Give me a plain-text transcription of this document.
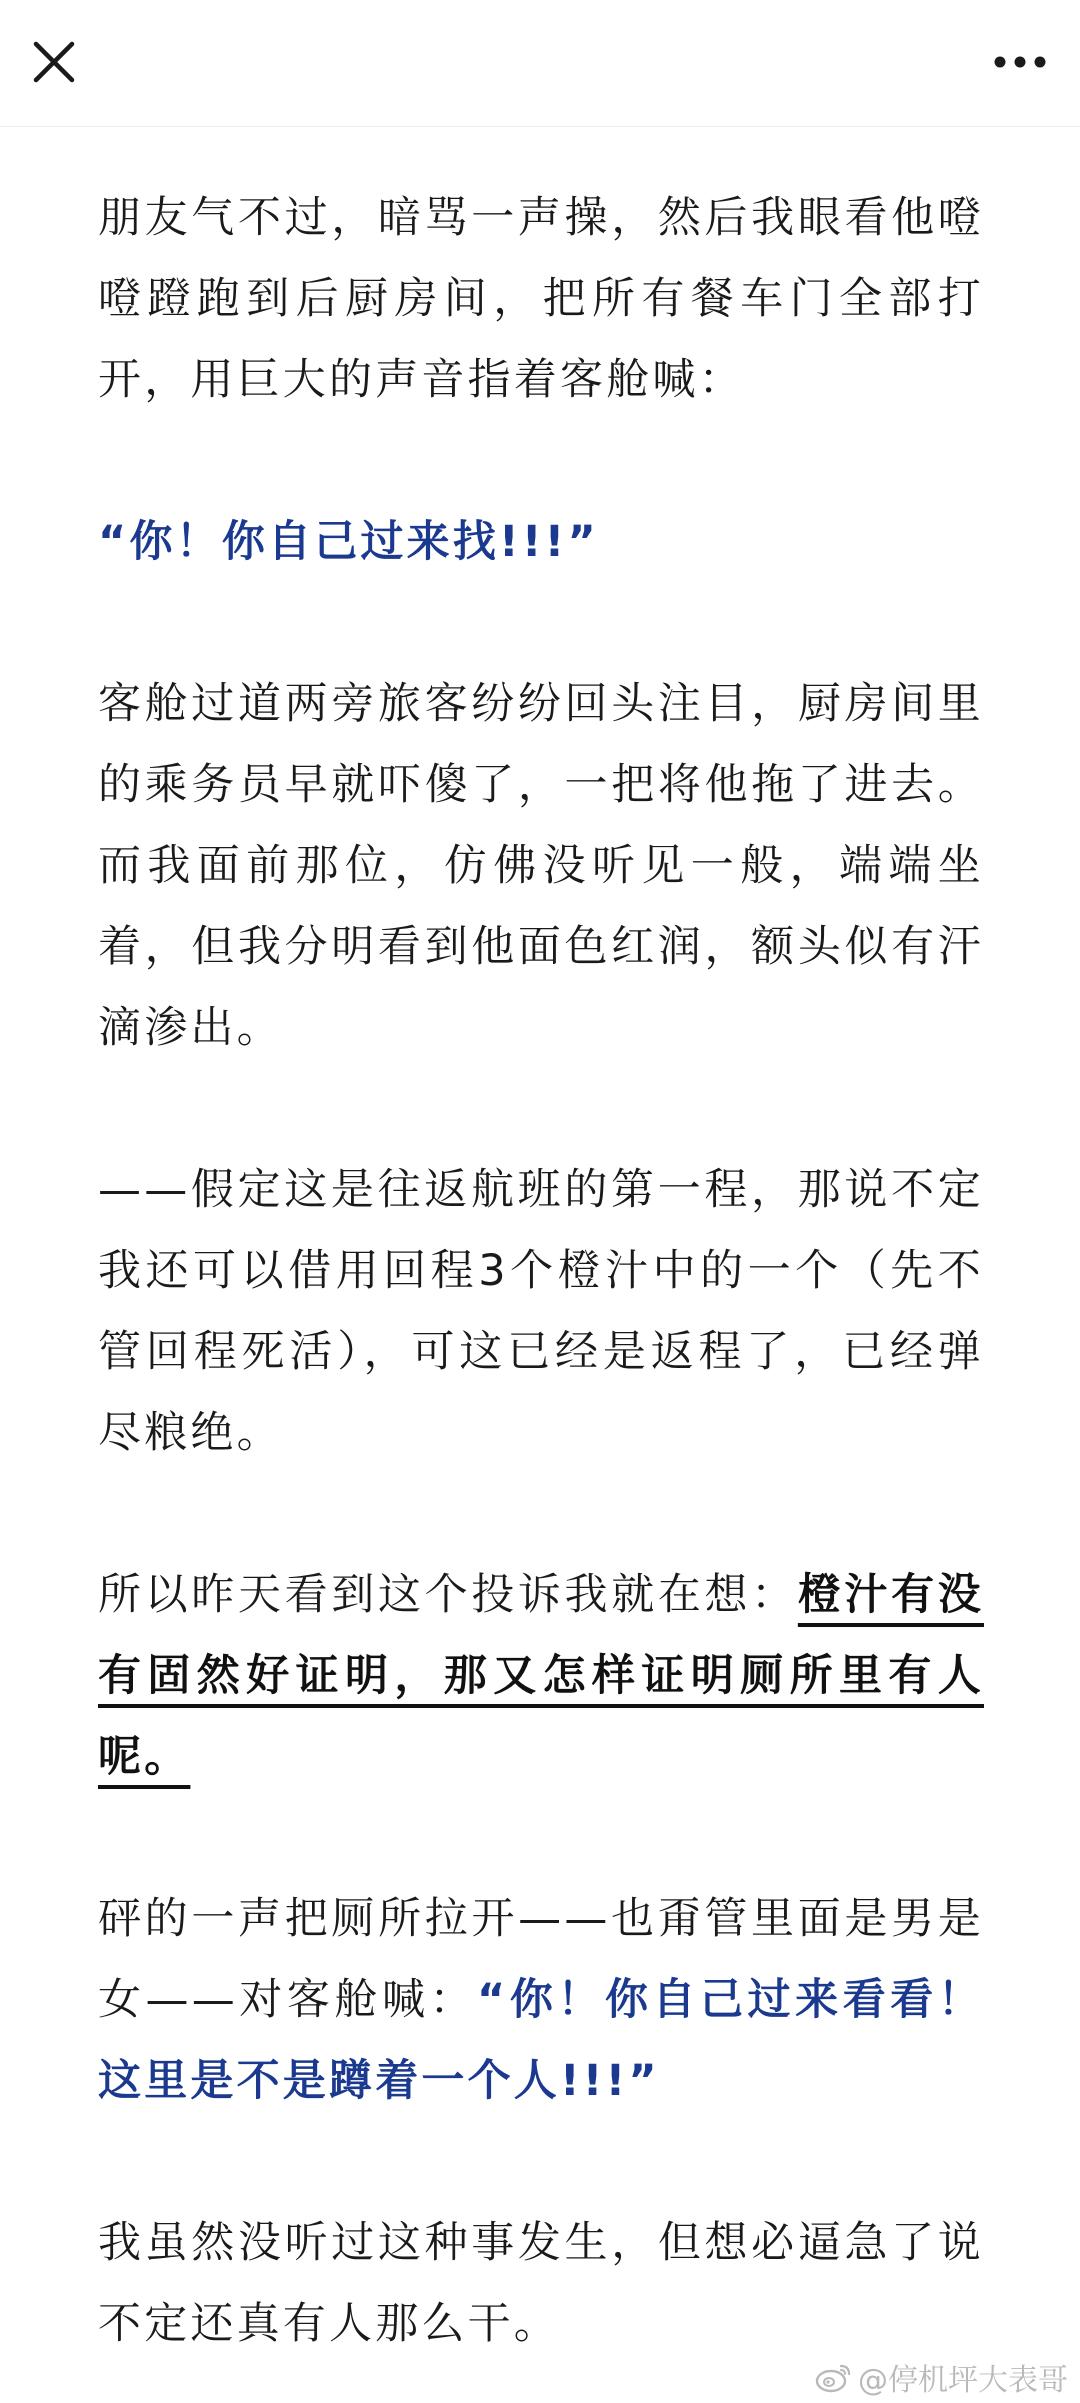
朋友气不过，暗骂一声操，然后我眼看他噔噔蹬跑到后厨房间，把所有餐车门全部打开，用巨大的声音指着客舱喊：

“你！你自己过来找!!!”

客舱过道两旁旅客纷纷回头注目，厨房间里的乘务员早就吓傻了，一把将他拖了进去。而我面前那位，仿佛没听见一般，端端坐着，但我分明看到他面色红润，额头似有汗滴渗出。

——假定这是往返航班的第一程，那说不定我还可以借用回程3个橙汁中的一个（先不管回程死活），可这已经是返程了，已经弹尽粮绝。

所以昨天看到这个投诉我就在想：橙汁有没有固然好证明，那又怎样证明厕所里有人呢。

砰的一声把厕所拉开——也甭管里面是男是女——对客舱喊：“你！你自己过来看看！这里是不是蹲着一个人!!!”

我虽然没听过这种事发生，但想必逼急了说不定还真有人那么干。

@停机坪大表哥
